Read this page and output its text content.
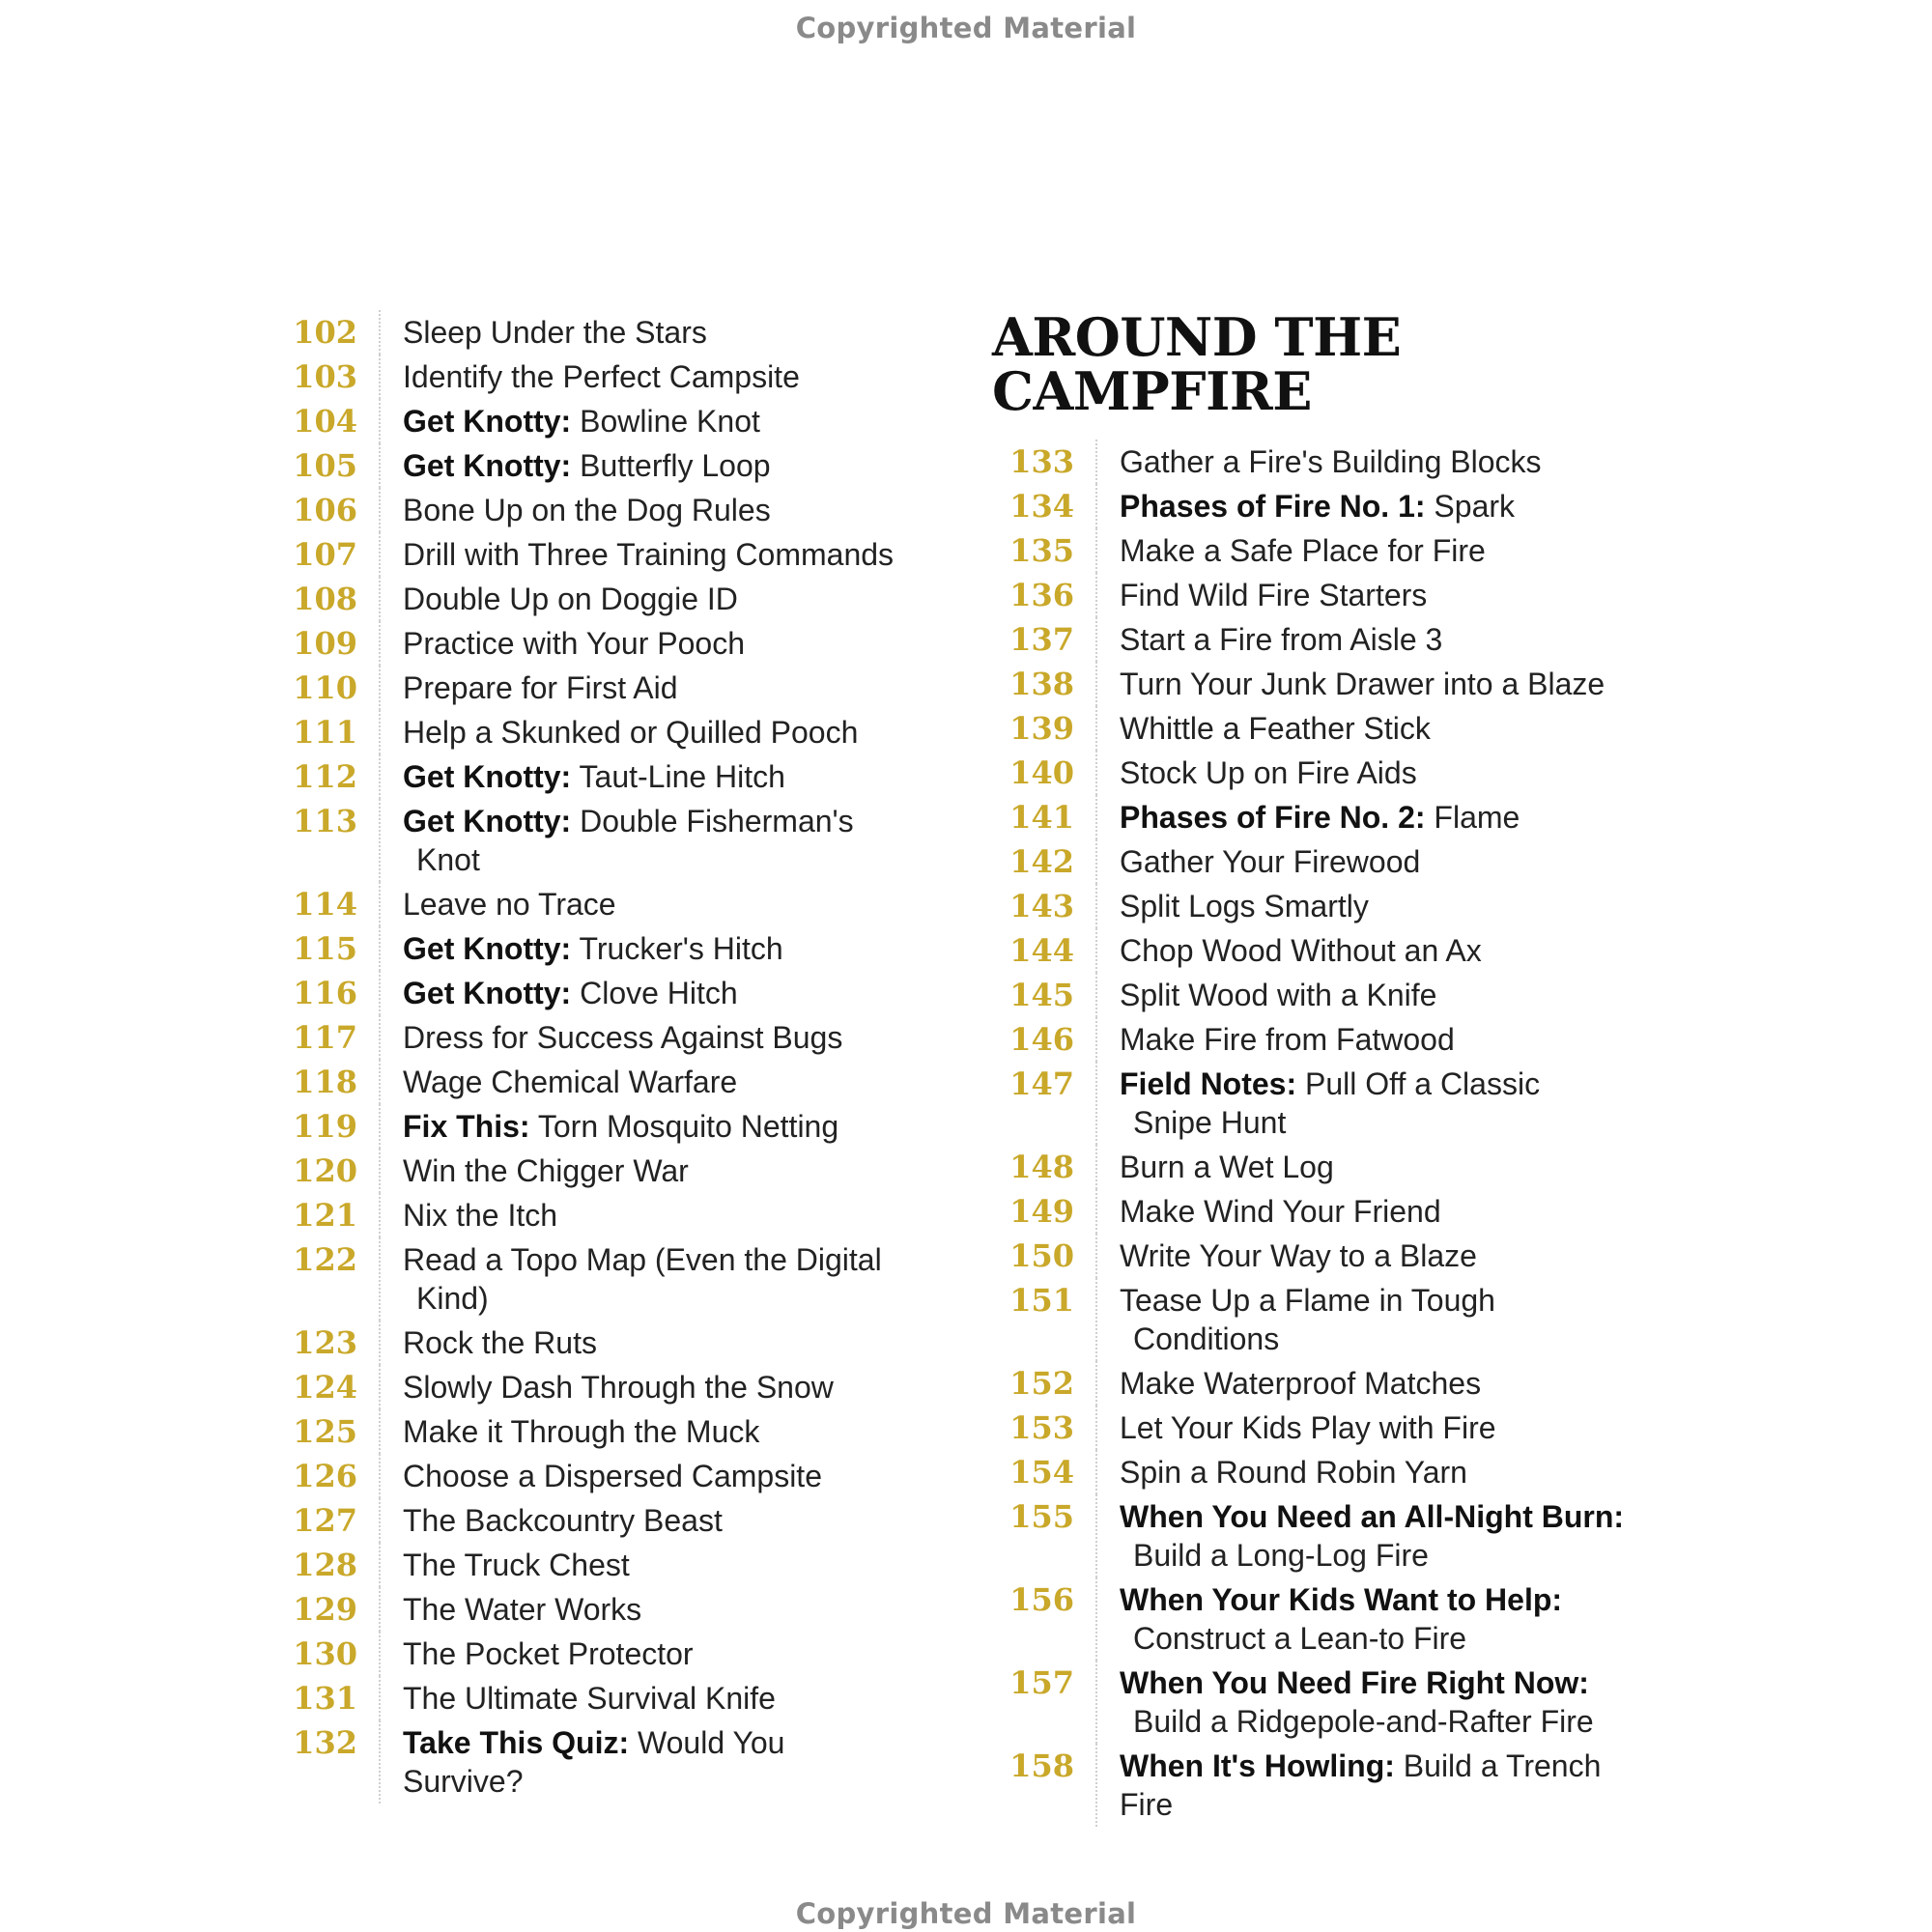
Copyrighted Material
102	Sleep Under the Stars
103	Identify the Perfect Campsite
104	Get Knotty: Bowline Knot
105	Get Knotty: Butterfly Loop
106	Bone Up on the Dog Rules
107	Drill with Three Training Commands
108	Double Up on Doggie ID
109	Practice with Your Pooch
110	Prepare for First Aid
111	Help a Skunked or Quilled Pooch
112	Get Knotty: Taut-Line Hitch
113	Get Knotty: Double Fisherman's
Knot
114	Leave no Trace
115	Get Knotty: Trucker's Hitch
116	Get Knotty: Clove Hitch
117	Dress for Success Against Bugs
118	Wage Chemical Warfare
119	Fix This: Torn Mosquito Netting
120	Win the Chigger War
121	Nix the Itch
122	Read a Topo Map (Even the Digital
Kind)
123	Rock the Ruts
124	Slowly Dash Through the Snow
125	Make it Through the Muck
126	Choose a Dispersed Campsite
127	The Backcountry Beast
128	The Truck Chest
129	The Water Works
130	The Pocket Protector
131	The Ultimate Survival Knife
132	Take This Quiz: Would You Survive?
AROUND THE
CAMPFIRE
133	Gather a Fire's Building Blocks
134	Phases of Fire No. 1: Spark
135	Make a Safe Place for Fire
136	Find Wild Fire Starters
137	Start a Fire from Aisle 3
138	Turn Your Junk Drawer into a Blaze
139	Whittle a Feather Stick
140	Stock Up on Fire Aids
141	Phases of Fire No. 2: Flame
142	Gather Your Firewood
143	Split Logs Smartly
144	Chop Wood Without an Ax
145	Split Wood with a Knife
146	Make Fire from Fatwood
147	Field Notes: Pull Off a Classic
Snipe Hunt
148	Burn a Wet Log
149	Make Wind Your Friend
150	Write Your Way to a Blaze
151	Tease Up a Flame in Tough
Conditions
152	Make Waterproof Matches
153	Let Your Kids Play with Fire
154	Spin a Round Robin Yarn
155	When You Need an All-Night Burn:
Build a Long-Log Fire
156	When Your Kids Want to Help:
Construct a Lean-to Fire
157	When You Need Fire Right Now:
Build a Ridgepole-and-Rafter Fire
158	When It's Howling: Build a Trench Fire
Copyrighted Material
